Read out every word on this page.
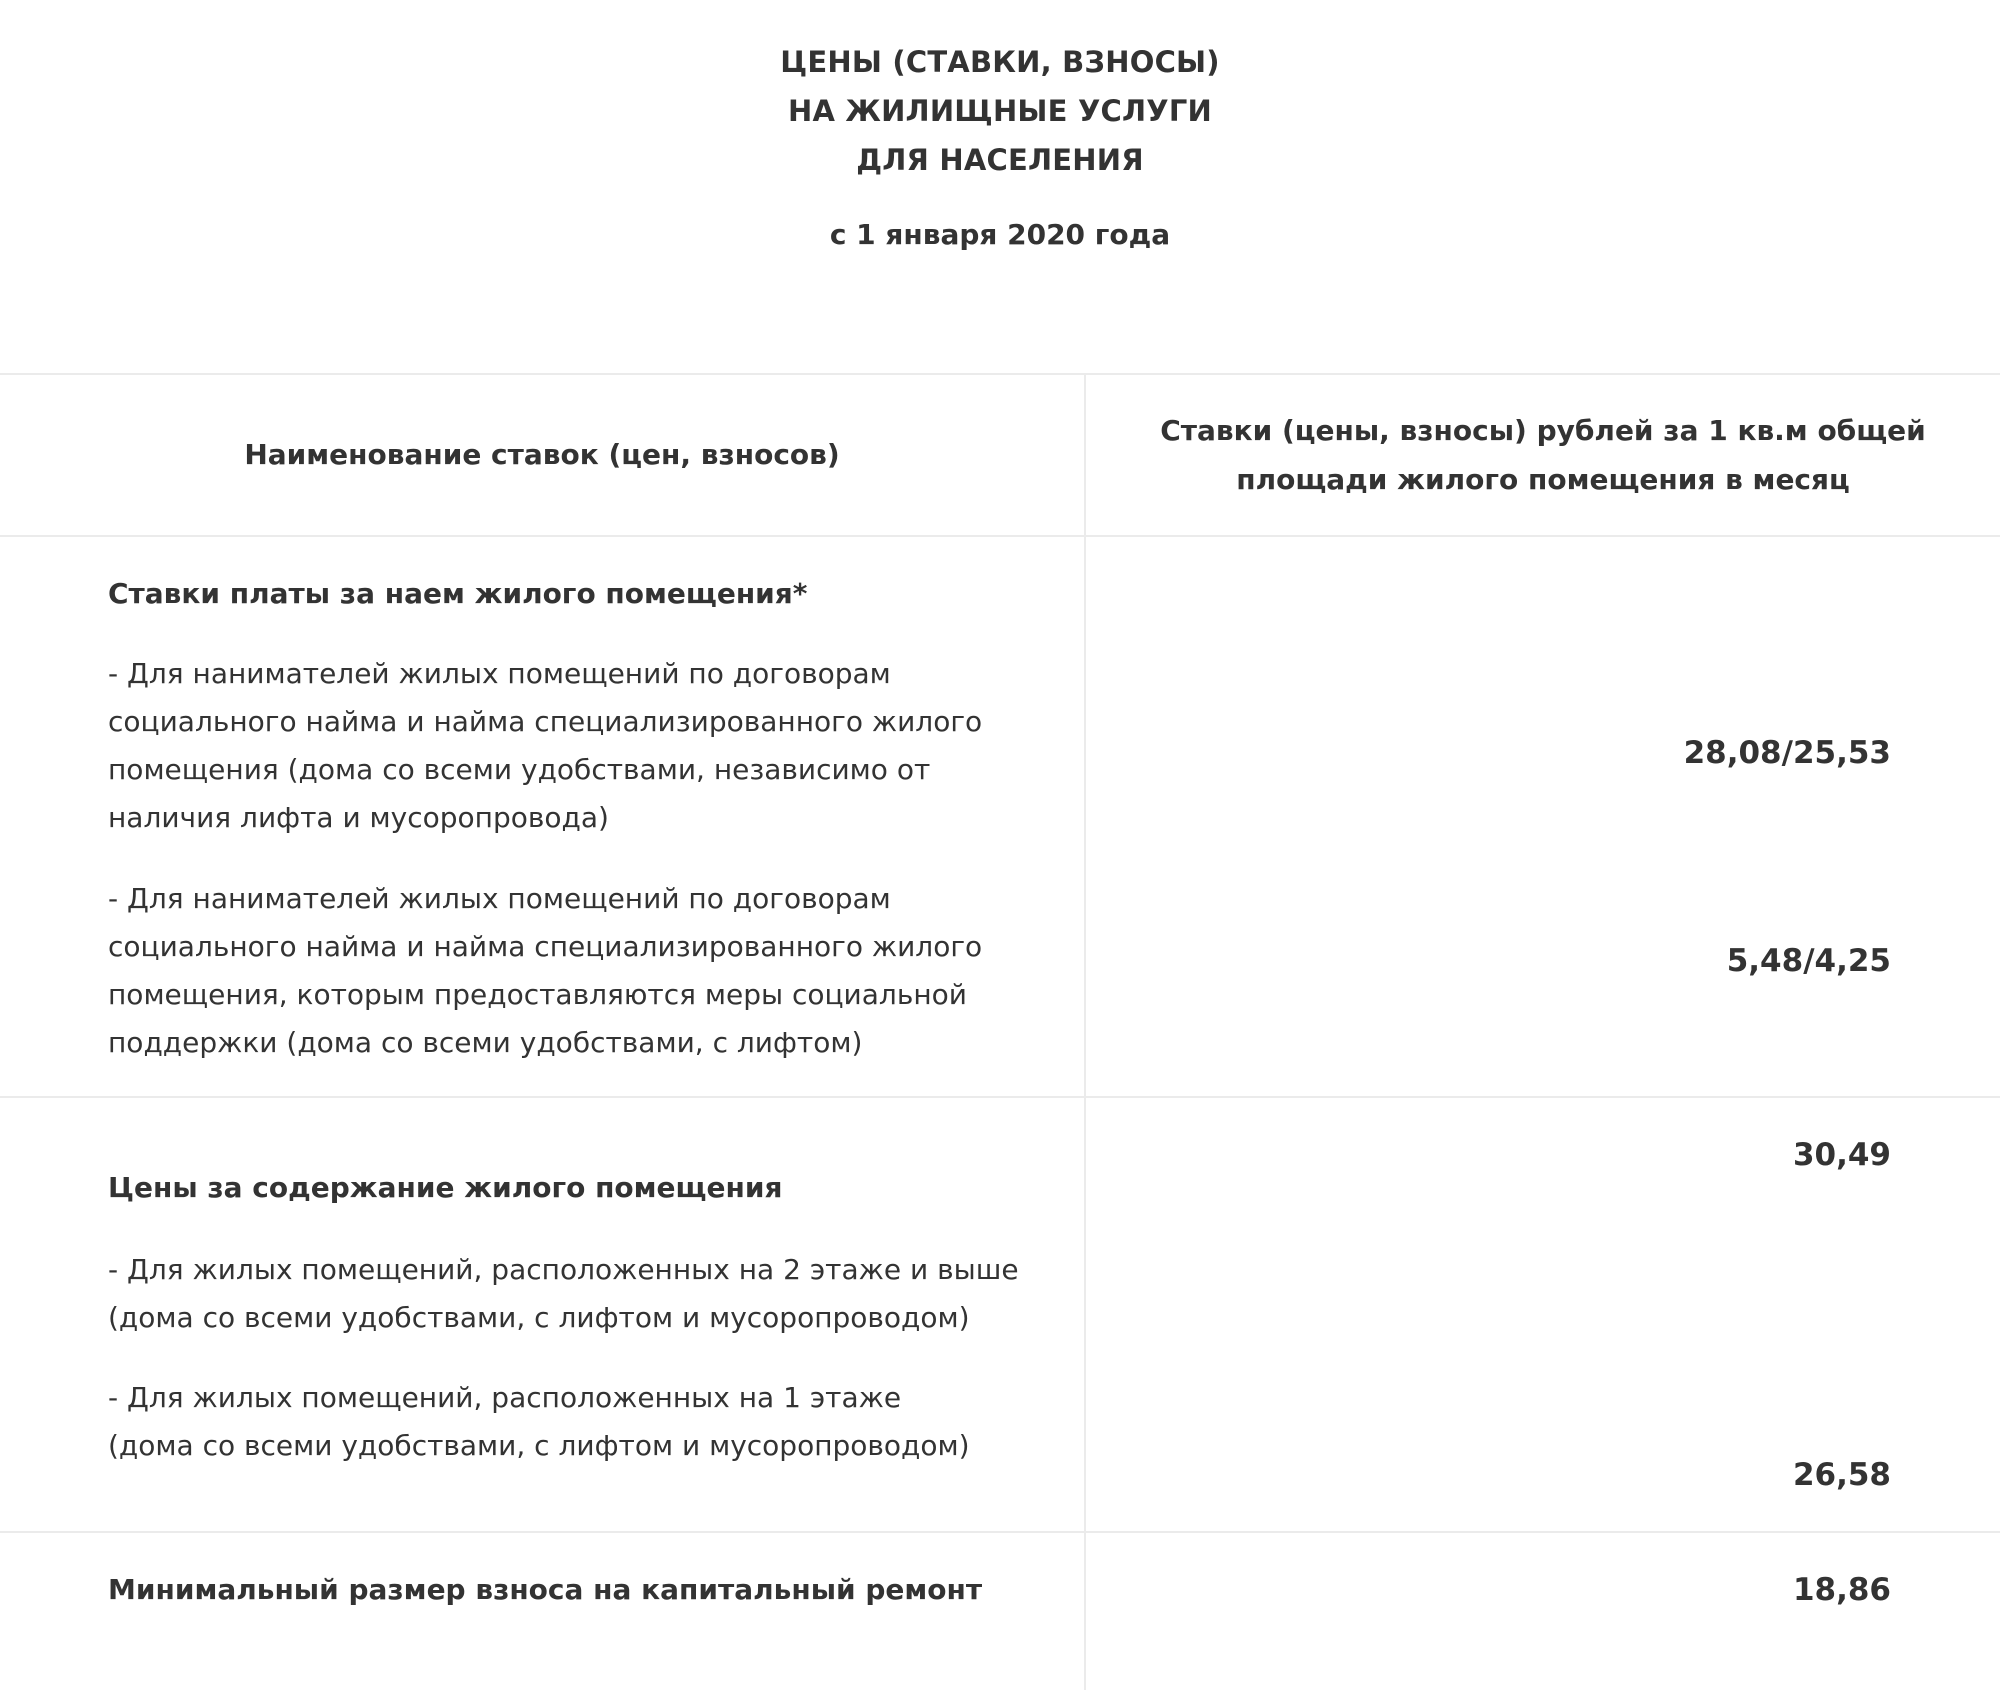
ЦЕНЫ (СТАВКИ, ВЗНОСЫ)
НА ЖИЛИЩНЫЕ УСЛУГИ
ДЛЯ НАСЕЛЕНИЯ
с 1 января 2020 года
Наименование ставок (цен, взносов)
Ставки (цены, взносы) рублей за 1 кв.м общей площади жилого помещения в месяц
Ставки платы за наем жилого помещения*
- Для нанимателей жилых помещений по договорам
социального найма и найма специализированного жилого
помещения (дома со всеми удобствами, независимо от
наличия лифта и мусоропровода)
28,08/25,53
- Для нанимателей жилых помещений по договорам
социального найма и найма специализированного жилого
помещения, которым предоставляются меры социальной
поддержки (дома со всеми удобствами, с лифтом)
5,48/4,25
30,49
Цены за содержание жилого помещения
- Для жилых помещений, расположенных на 2 этаже и выше
(дома со всеми удобствами, с лифтом и мусоропроводом)
- Для жилых помещений, расположенных на 1 этаже
(дома со всеми удобствами, с лифтом и мусоропроводом)
26,58
Минимальный размер взноса на капитальный ремонт	18,86
